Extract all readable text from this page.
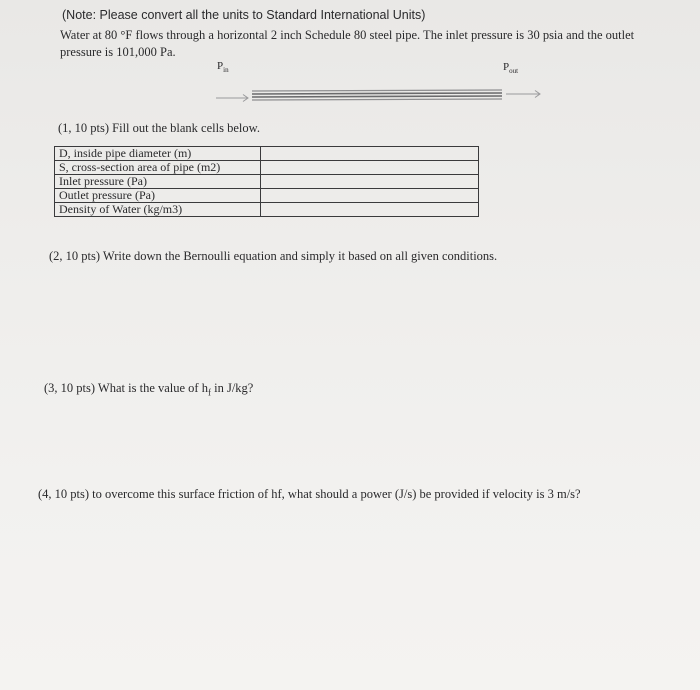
(Note: Please convert all the units to Standard International Units)
Water at 80 °F flows through a horizontal 2 inch Schedule 80 steel pipe. The inlet pressure is 30 psia and the outlet pressure is 101,000 Pa.
$P_{in}$	$P_{out}$
(1, 10 pts) Fill out the blank cells below.
D, inside pipe diameter (m)	
S, cross-section area of pipe (m2)	
Inlet pressure (Pa)	
Outlet pressure (Pa)	
Density of Water (kg/m3)	
(2, 10 pts) Write down the Bernoulli equation and simply it based on all given conditions.
(3, 10 pts) What is the value of $h_f$ in J/kg?
(4, 10 pts) to overcome this surface friction of hf, what should a power (J/s) be provided if velocity is 3 m/s?
